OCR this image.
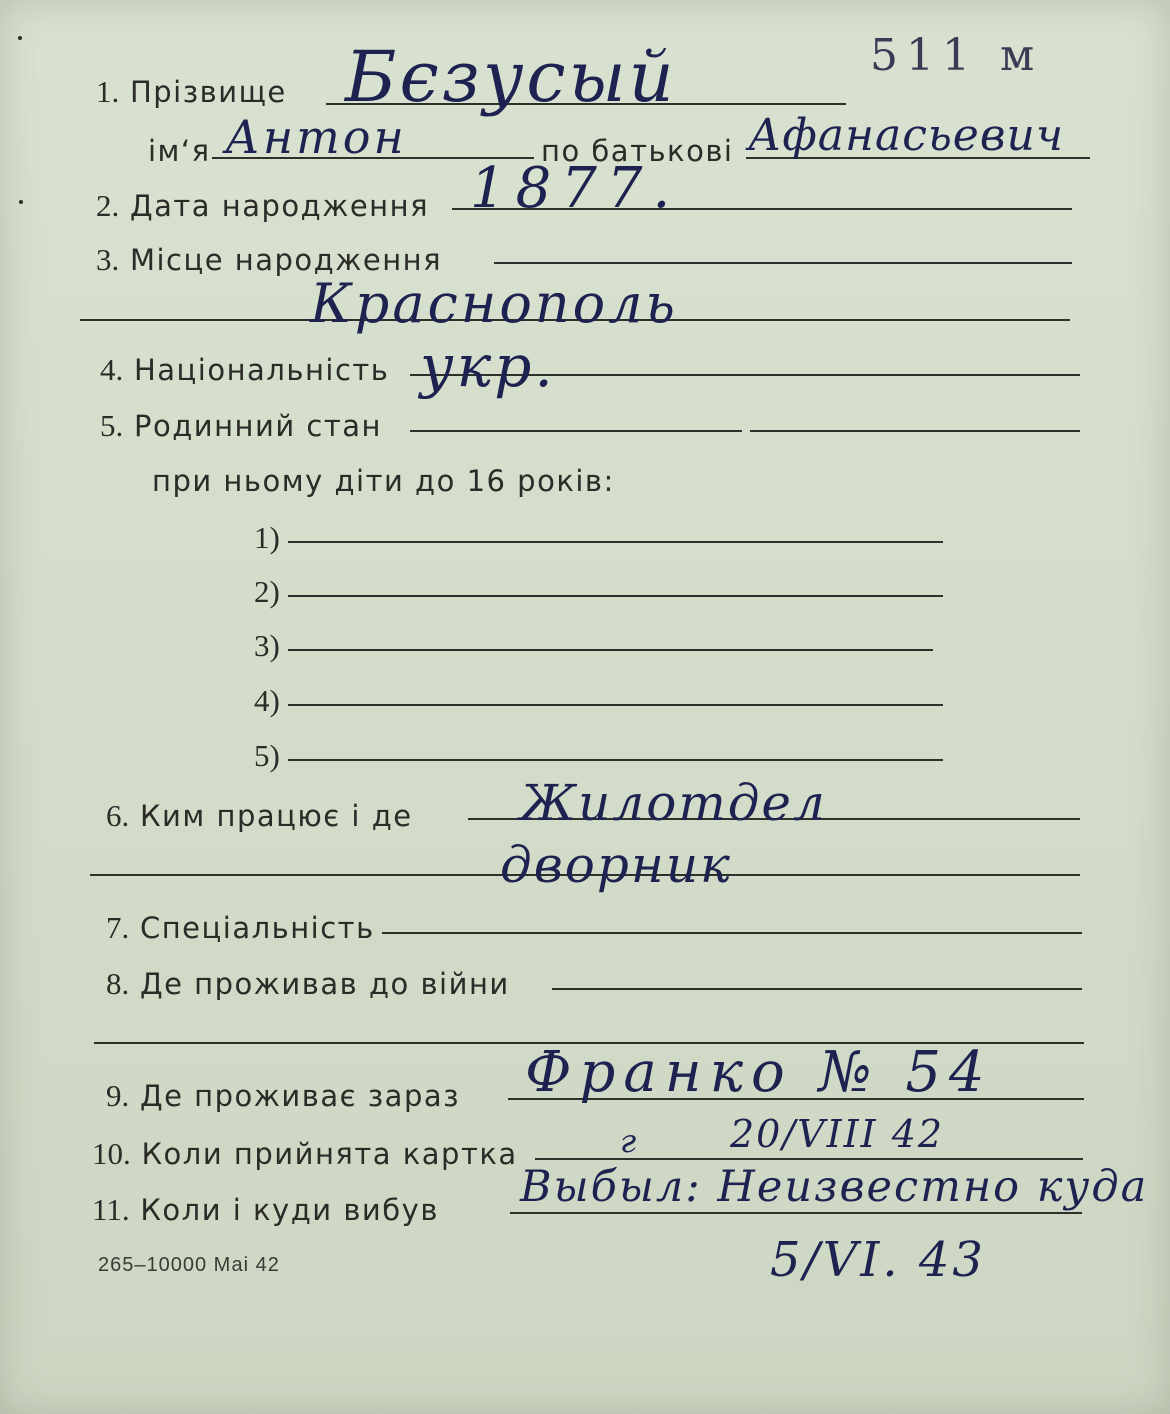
511 м
1. Прізвище Бєзусый
ім‘я Антон	по батькові Афанасьевич
2. Дата народження 1877.
3. Місце народження
Краснополь
4. Національність укр.
5. Родинний стан
при ньому діти до 16 років:
1)
2)
3)
4)
5)
6. Ким працює і де Жилотдел
дворник
7. Спеціальність
8. Де проживав до війни
9. Де проживає зараз Франко № 54
10. Коли прийнята картка	г 20/VIII 42
11. Коли і куди вибув Выбыл: Неизвестно куда
5/VI. 43
265–10000 Маі 42
